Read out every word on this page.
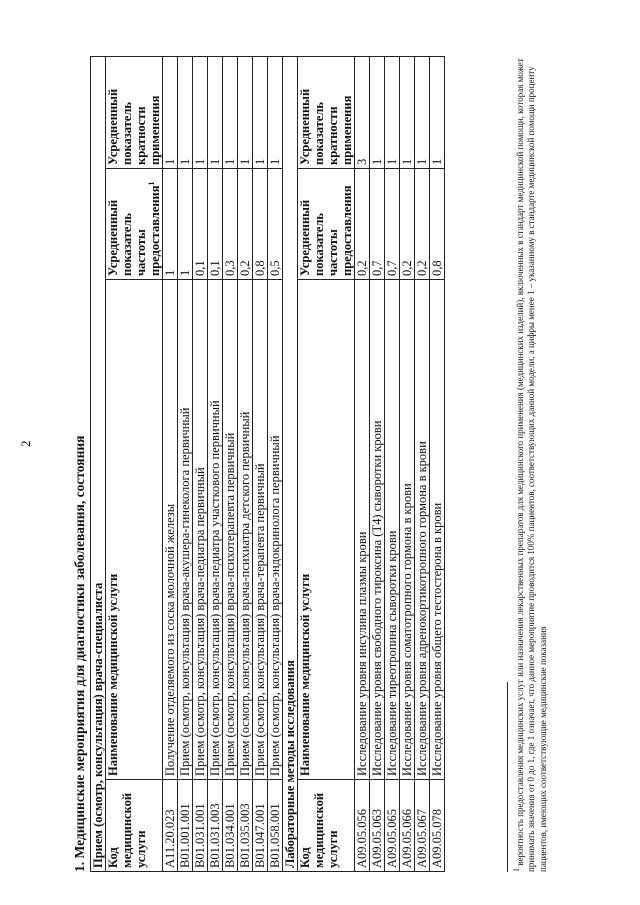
2	1. Медицинские мероприятия для диагностики заболевания, состояния Прием (осмотр, консультация) врача-специалиста			
Код медицинской услуги	Наименование медицинской услуги	Усредненный показатель частоты предоставления$^1$	Усредненный показатель кратности применения
A11.20.023	Получение отделяемого из соска молочной железы	1	1
B01.001.001	Прием (осмотр, консультация) врача-акушера-гинеколога первичный	1	1
B01.031.001	Прием (осмотр, консультация) врача-педиатра первичный	0,1	1
B01.031.003	Прием (осмотр, консультация) врача-педиатра участкового первичный	0,1	1
B01.034.001	Прием (осмотр, консультация) врача-психотерапевта первичный	0,3	1
B01.035.003	Прием (осмотр, консультация) врача-психиатра детского первичный	0,2	1
B01.047.001	Прием (осмотр, консультация) врача-терапевта первичный	0,8	1
B01.058.001	Прием (осмотр, консультация) врача-эндокринолога первичный	0,5	1
Лабораторные методы исследования			
Код медицинской услуги	Наименование медицинской услуги	Усредненный показатель частоты предоставления	Усредненный показатель кратности применения
A09.05.056	Исследование уровня инсулина плазмы крови	0,2	3
A09.05.063	Исследование уровня свободного тироксина (T4) сыворотки крови	0,7	1
A09.05.065	Исследование тиреотропина сыворотки крови	0,7	1
A09.05.066	Исследование уровня соматотропного гормона в крови	0,2	1
A09.05.067	Исследование уровня адренокортикотропного гормона в крови	0,2	1
A09.05.078	Исследование уровня общего тестостерона в крови	0,8	1
$^1$ вероятность предоставления медицинских услуг или назначения лекарственных препаратов для медицинского применения (медицинских изделий), включенных в стандарт медицинской помощи, которая может принимать значения от 0 до 1, где 1 означает, что данное мероприятие проводится 100% пациентов, соответствующих данной модели, а цифры менее 1 – указанному в стандарте медицинской помощи проценту пациентов, имеющих соответствующие медицинские показания
